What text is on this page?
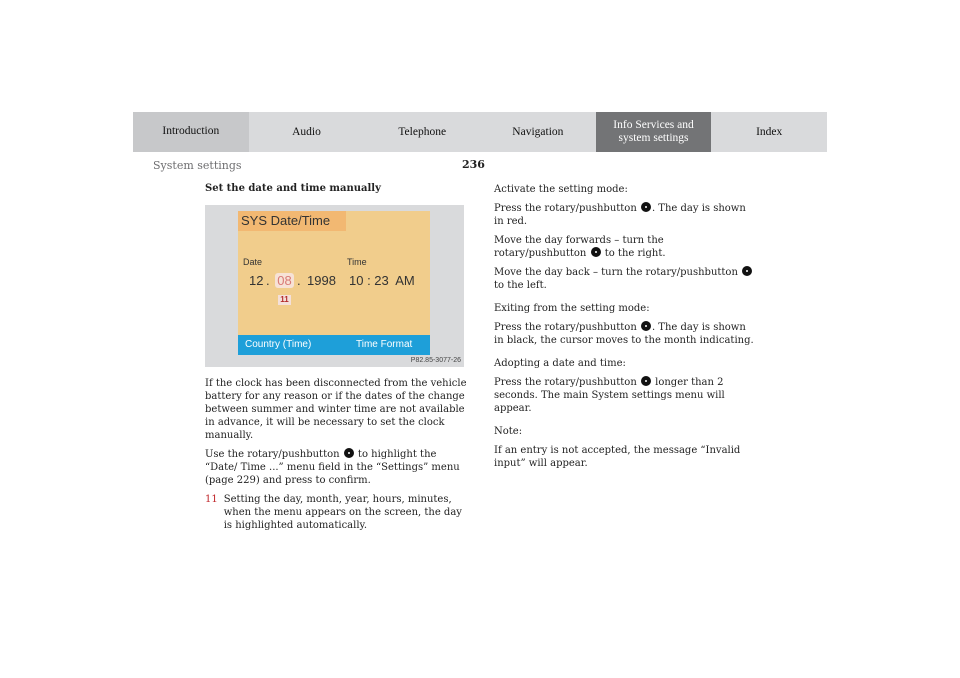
Introduction	Audio	Telephone	Navigation
Info Services and
system settings
Index
236
System settings
Set the date and time manually
SYS Date/Time
Date	Time
12 . 08 . 1998 10 : 23  AM
11
Country (Time)	Time Format
P82.85-3077-26

If the clock has been disconnected from the vehicle battery for any reason or if the dates of the change between summer and winter time are not available in advance, it will be necessary to set the clock manually.

Use the rotary/pushbutton to highlight the “Date/ Time ...” menu field in the “Settings” menu (page 229) and press to confirm.

11 Setting the day, month, year, hours, minutes, when the menu appears on the screen, the day is highlighted automatically.

Activate the setting mode:

Press the rotary/pushbutton . The day is shown in red.

Move the day forwards – turn the rotary/pushbutton to the right.

Move the day back – turn the rotary/pushbutton  to the left.

Exiting from the setting mode:

Press the rotary/pushbutton . The day is shown in black, the cursor moves to the month indicating.

Adopting a date and time:

Press the rotary/pushbutton longer than 2 seconds. The main System settings menu will appear.

Note:

If an entry is not accepted, the message “Invalid input” will appear.
